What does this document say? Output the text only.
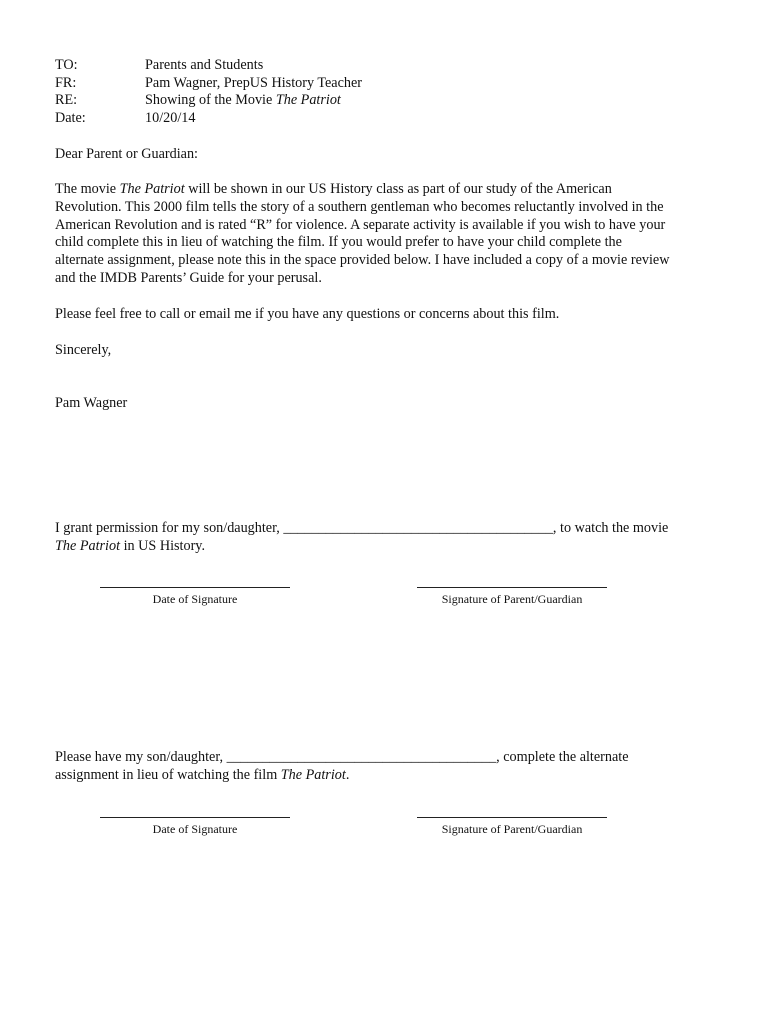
TO:	Parents and Students
FR:	Pam Wagner, PrepUS History Teacher
RE:	Showing of the Movie The Patriot
Date:	10/20/14
Dear Parent or Guardian:
The movie The Patriot will be shown in our US History class as part of our study of the American
Revolution. This 2000 film tells the story of a southern gentleman who becomes reluctantly involved in the
American Revolution and is rated “R” for violence. A separate activity is available if you wish to have your
child complete this in lieu of watching the film. If you would prefer to have your child complete the
alternate assignment, please note this in the space provided below. I have included a copy of a movie review
and the IMDB Parents’ Guide for your perusal.
Please feel free to call or email me if you have any questions or concerns about this film.
Sincerely,
Pam Wagner
I grant permission for my son/daughter, ______________________________________, to watch the movie
The Patriot in US History.
Date of Signature	Signature of Parent/Guardian
Please have my son/daughter, ______________________________________, complete the alternate
assignment in lieu of watching the film The Patriot.
Date of Signature	Signature of Parent/Guardian
